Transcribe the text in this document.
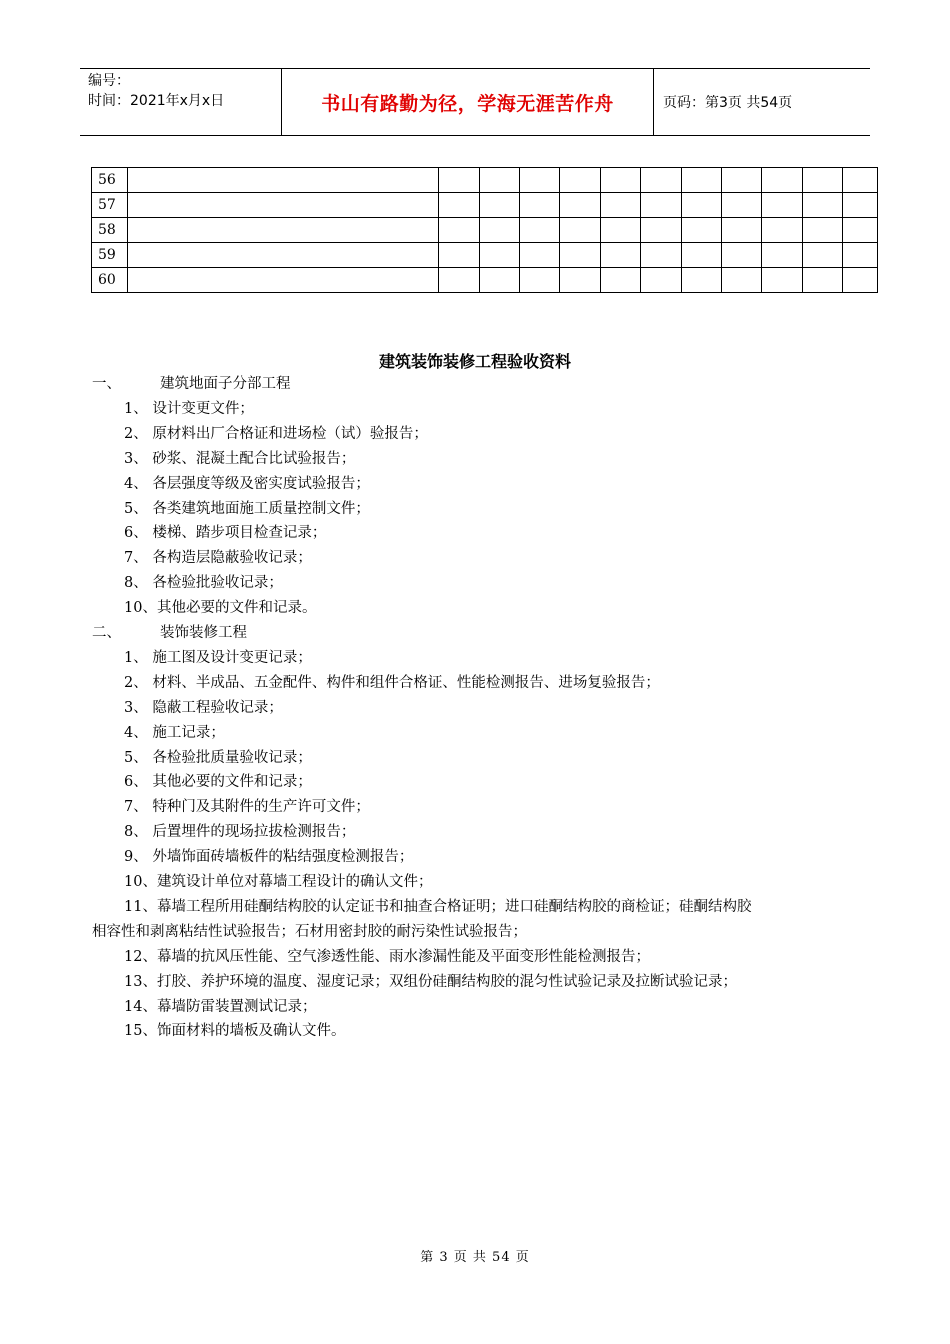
编号：
时间：2021年x月x日	书山有路勤为径，学海无涯苦作舟	页码：第3页 共54页
56												
57												
58												
59												
60												
建筑装饰装修工程验收资料
一、	建筑地面子分部工程
1、 设计变更文件；
2、 原材料出厂合格证和进场检（试）验报告；
3、 砂浆、混凝土配合比试验报告；
4、 各层强度等级及密实度试验报告；
5、 各类建筑地面施工质量控制文件；
6、 楼梯、踏步项目检查记录；
7、 各构造层隐蔽验收记录；
8、 各检验批验收记录；
10、其他必要的文件和记录。
二、	装饰装修工程
1、 施工图及设计变更记录；
2、 材料、半成品、五金配件、构件和组件合格证、性能检测报告、进场复验报告；
3、 隐蔽工程验收记录；
4、 施工记录；
5、 各检验批质量验收记录；
6、 其他必要的文件和记录；
7、 特种门及其附件的生产许可文件；
8、 后置埋件的现场拉拔检测报告；
9、 外墙饰面砖墙板件的粘结强度检测报告；
10、建筑设计单位对幕墙工程设计的确认文件；
11、幕墙工程所用硅酮结构胶的认定证书和抽查合格证明；进口硅酮结构胶的商检证；硅酮结构胶
相容性和剥离粘结性试验报告；石材用密封胶的耐污染性试验报告；
12、幕墙的抗风压性能、空气渗透性能、雨水渗漏性能及平面变形性能检测报告；
13、打胶、养护环境的温度、湿度记录；双组份硅酮结构胶的混匀性试验记录及拉断试验记录；
14、幕墙防雷装置测试记录；
15、饰面材料的墙板及确认文件。
第 3 页 共 54 页
